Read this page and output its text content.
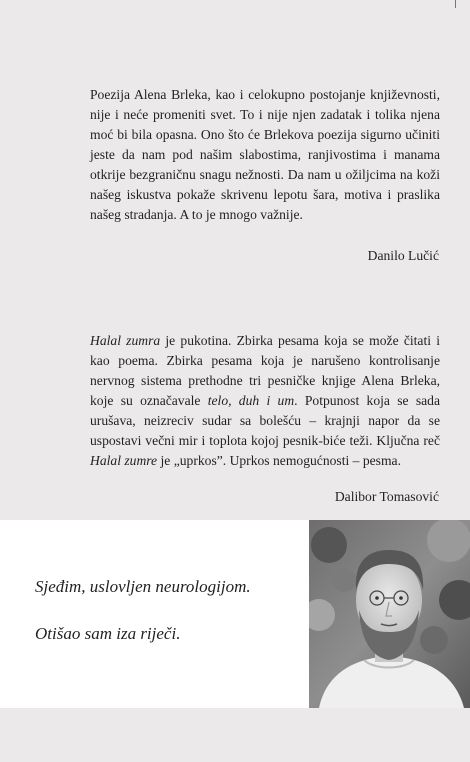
Poezija Alena Brleka, kao i celokupno postojanje književnosti, nije i neće promeniti svet. To i nije njen zadatak i tolika njena moć bi bila opasna. Ono što će Brlekova poezija sigurno učiniti jeste da nam pod našim slabostima, ranjivostima i manama otkrije bezgraničnu snagu nežnosti. Da nam u ožiljcima na koži našeg iskustva pokaže skrivenu lepotu šara, motiva i praslika našeg stradanja. A to je mnogo važnije.

Danilo Lučić

Halal zumra je pukotina. Zbirka pesama koja se može čitati i kao poema. Zbirka pesama koja je narušeno kontrolisanje nervnog sistema prethodne tri pesničke knjige Alena Brleka, koje su označavale telo, duh i um. Potpunost koja se sada urušava, neizreciv sudar sa bolešću – krajnji napor da se uspostavi večni mir i toplota kojoj pesnik-biće teži. Ključna reč Halal zumre je „uprkos”. Uprkos nemogućnosti – pesma.

Dalibor Tomasović

Sjeđim, uslovljen neurologijom.

Otišao sam iza riječi.
